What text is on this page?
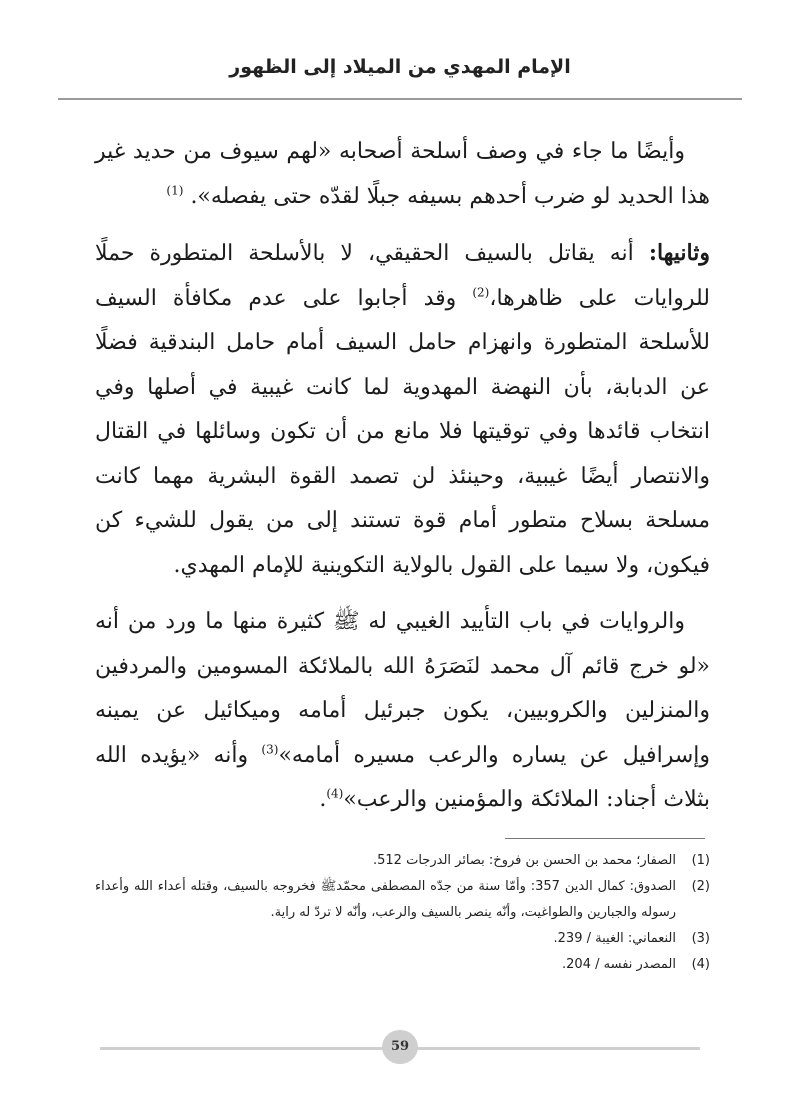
الإمام المهدي من الميلاد إلى الظهور

وأيضًا ما جاء في وصف أسلحة أصحابه «لهم سيوف من حديد غير هذا الحديد لو ضرب أحدهم بسيفه جبلًا لقدّه حتى يفصله». $^{(1)}$

وثانيها: أنه يقاتل بالسيف الحقيقي، لا بالأسلحة المتطورة حملًا للروايات على ظاهرها،$^{(2)}$ وقد أجابوا على عدم مكافأة السيف للأسلحة المتطورة وانهزام حامل السيف أمام حامل البندقية فضلًا عن الدبابة، بأن النهضة المهدوية لما كانت غيبية في أصلها وفي انتخاب قائدها وفي توقيتها فلا مانع من أن تكون وسائلها في القتال والانتصار أيضًا غيبية، وحينئذ لن تصمد القوة البشرية مهما كانت مسلحة بسلاح متطور أمام قوة تستند إلى من يقول للشيء كن فيكون، ولا سيما على القول بالولاية التكوينية للإمام المهدي.

والروايات في باب التأييد الغيبي له ﷺ كثيرة منها ما ورد من أنه «لو خرج قائم آل محمد لنَصَرَهُ الله بالملائكة المسومين والمردفين والمنزلين والكروبيين، يكون جبرئيل أمامه وميكائيل عن يمينه وإسرافيل عن يساره والرعب مسيره أمامه»$^{(3)}$ وأنه «يؤيده الله بثلاث أجناد: الملائكة والمؤمنين والرعب»$^{(4)}$.

(1)
الصفار؛ محمد بن الحسن بن فروخ: بصائر الدرجات 512.
(2)
الصدوق: كمال الدين 357: وأمّا سنة من جدّه المصطفى محمّدﷺ فخروجه بالسيف، وقتله أعداء الله وأعداء رسوله والجبارين والطواغيت، وأنّه ينصر بالسيف والرعب، وأنّه لا تردّ له راية.
(3)
النعماني: الغيبة / 239.
(4)
المصدر نفسه / 204.
59
